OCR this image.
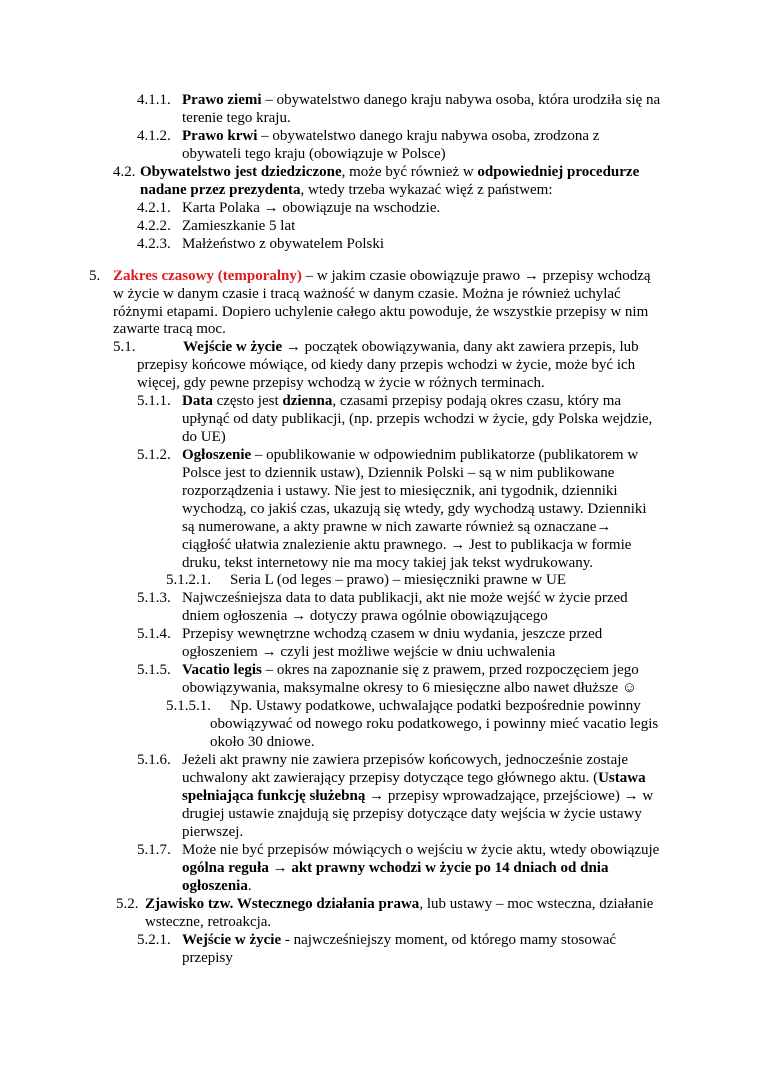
4.1.1. Prawo ziemi – obywatelstwo danego kraju nabywa osoba, która urodziła się na
terenie tego kraju.
4.1.2. Prawo krwi – obywatelstwo danego kraju nabywa osoba, zrodzona z
obywateli tego kraju (obowiązuje w Polsce)
4.2. Obywatelstwo jest dziedziczone, może być również w odpowiedniej procedurze
nadane przez prezydenta, wtedy trzeba wykazać więź z państwem:
4.2.1. Karta Polaka → obowiązuje na wschodzie.
4.2.2. Zamieszkanie 5 lat
4.2.3. Małżeństwo z obywatelem Polski
5. Zakres czasowy (temporalny) – w jakim czasie obowiązuje prawo → przepisy wchodzą
w życie w danym czasie i tracą ważność w danym czasie. Można je również uchylać
różnymi etapami. Dopiero uchylenie całego aktu powoduje, że wszystkie przepisy w nim
zawarte tracą moc.
5.1.	Wejście w życie → początek obowiązywania, dany akt zawiera przepis, lub
przepisy końcowe mówiące, od kiedy dany przepis wchodzi w życie, może być ich
więcej, gdy pewne przepisy wchodzą w życie w różnych terminach.
5.1.1. Data często jest dzienna, czasami przepisy podają okres czasu, który ma
upłynąć od daty publikacji, (np. przepis wchodzi w życie, gdy Polska wejdzie,
do UE)
5.1.2. Ogłoszenie – opublikowanie w odpowiednim publikatorze (publikatorem w
Polsce jest to dziennik ustaw), Dziennik Polski – są w nim publikowane
rozporządzenia i ustawy. Nie jest to miesięcznik, ani tygodnik, dzienniki
wychodzą, co jakiś czas, ukazują się wtedy, gdy wychodzą ustawy. Dzienniki
są numerowane, a akty prawne w nich zawarte również są oznaczane→
ciągłość ułatwia znalezienie aktu prawnego. → Jest to publikacja w formie
druku, tekst internetowy nie ma mocy takiej jak tekst wydrukowany.
5.1.2.1. Seria L (od leges – prawo) – miesięczniki prawne w UE
5.1.3. Najwcześniejsza data to data publikacji, akt nie może wejść w życie przed
dniem ogłoszenia → dotyczy prawa ogólnie obowiązującego
5.1.4. Przepisy wewnętrzne wchodzą czasem w dniu wydania, jeszcze przed
ogłoszeniem → czyli jest możliwe wejście w dniu uchwalenia
5.1.5. Vacatio legis – okres na zapoznanie się z prawem, przed rozpoczęciem jego
obowiązywania, maksymalne okresy to 6 miesięczne albo nawet dłuższe ☺
5.1.5.1. Np. Ustawy podatkowe, uchwalające podatki bezpośrednie powinny
obowiązywać od nowego roku podatkowego, i powinny mieć vacatio legis
około 30 dniowe.
5.1.6. Jeżeli akt prawny nie zawiera przepisów końcowych, jednocześnie zostaje
uchwalony akt zawierający przepisy dotyczące tego głównego aktu. (Ustawa
spełniająca funkcję służebną → przepisy wprowadzające, przejściowe) → w
drugiej ustawie znajdują się przepisy dotyczące daty wejścia w życie ustawy
pierwszej.
5.1.7. Może nie być przepisów mówiących o wejściu w życie aktu, wtedy obowiązuje
ogólna reguła → akt prawny wchodzi w życie po 14 dniach od dnia
ogłoszenia.
5.2. Zjawisko tzw. Wstecznego działania prawa, lub ustawy – moc wsteczna, działanie
wsteczne, retroakcja.
5.2.1. Wejście w życie - najwcześniejszy moment, od którego mamy stosować
przepisy
